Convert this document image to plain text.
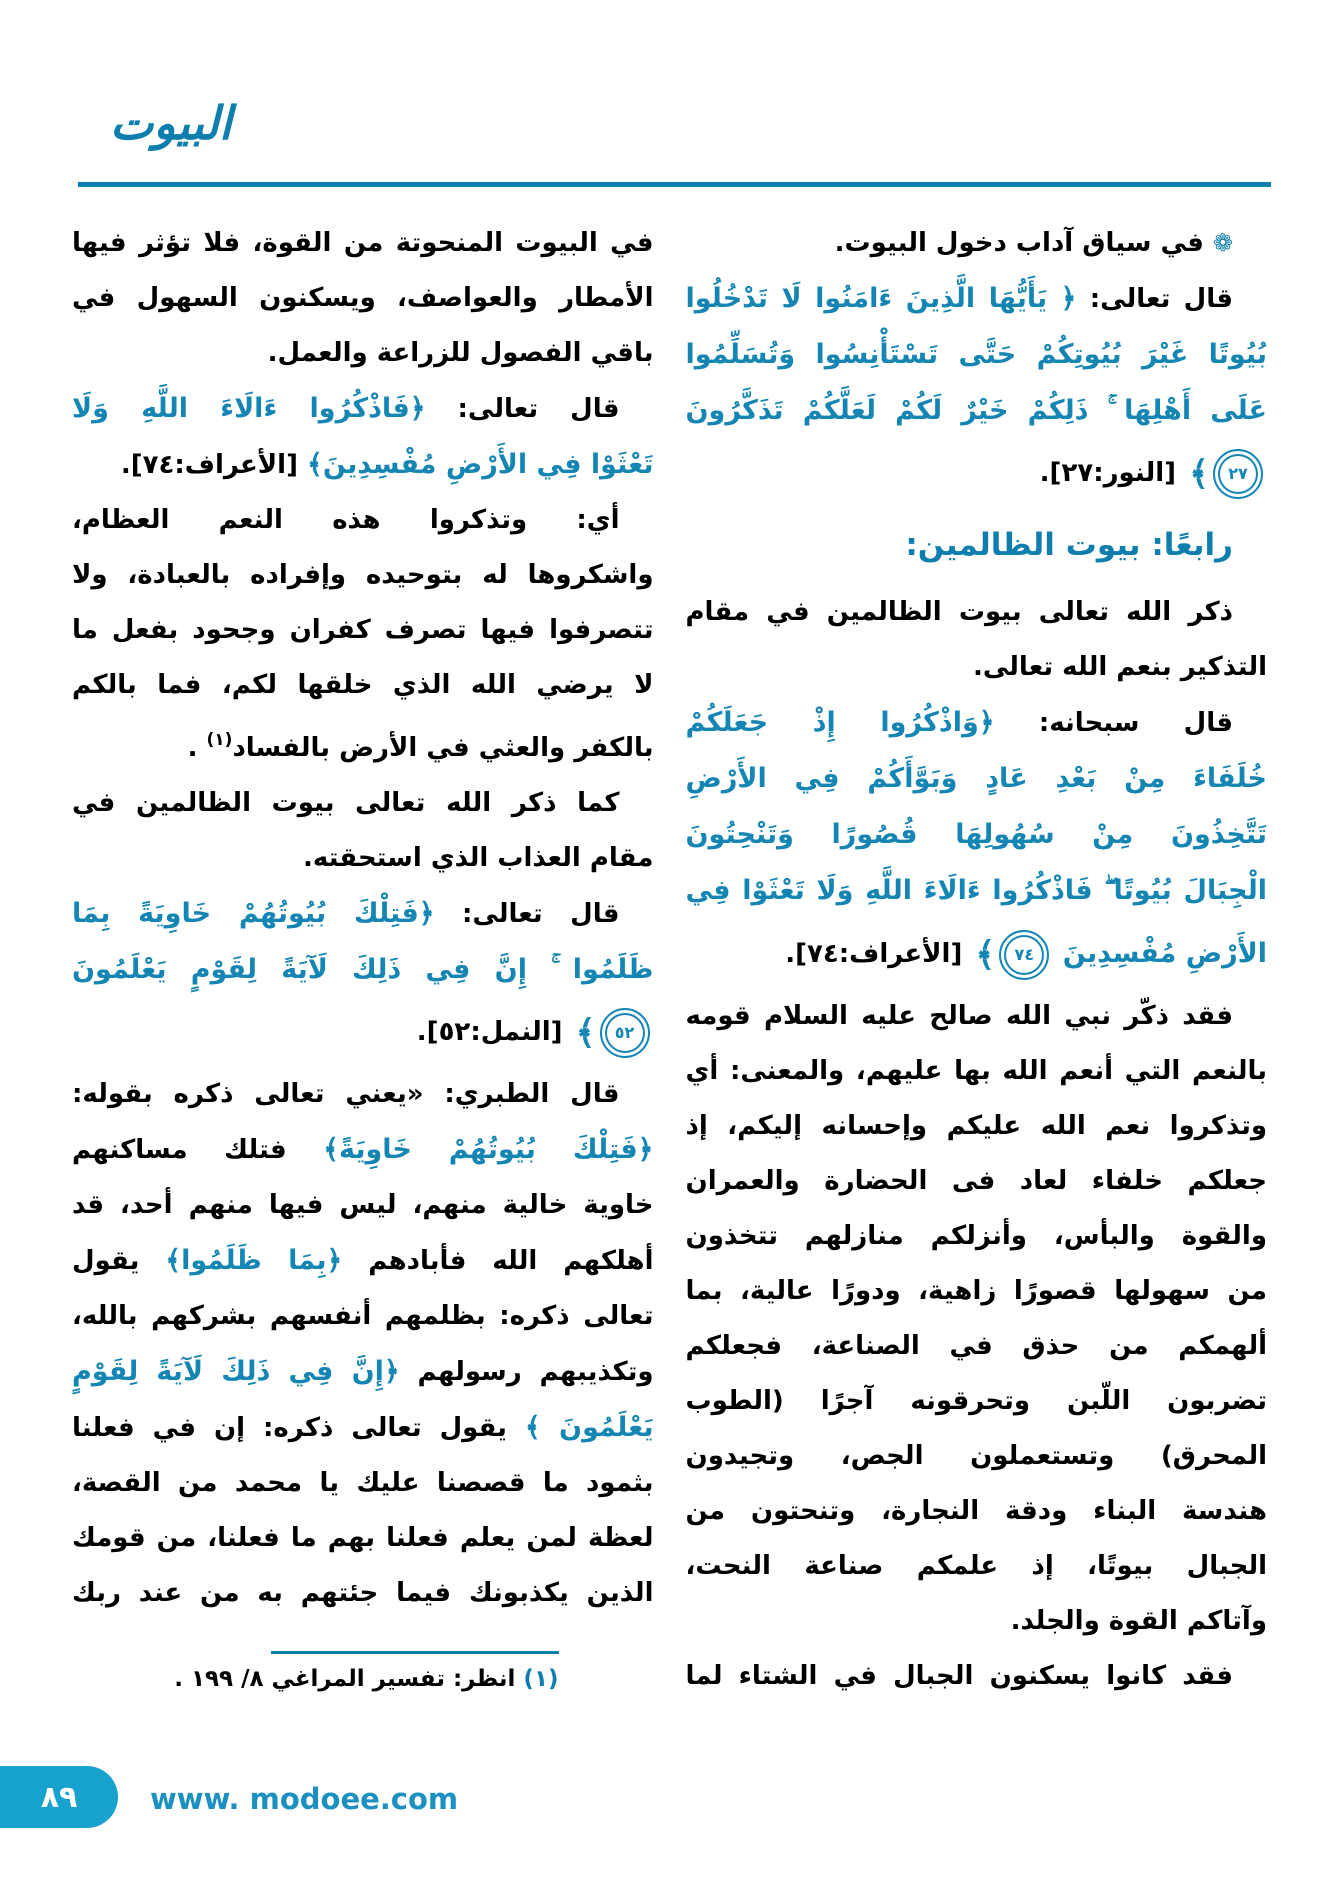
البيوت
❁ في سياق آداب دخول البيوت.
قال تعالى: ﴿ يَأَيُّهَا الَّذِينَ ءَامَنُوا لَا تَدْخُلُوا
بُيُوتًا غَيْرَ بُيُوتِكُمْ حَتَّى تَسْتَأْنِسُوا وَتُسَلِّمُوا
عَلَى أَهْلِهَا ۚ ذَلِكُمْ خَيْرٌ لَكُمْ لَعَلَّكُمْ تَذَكَّرُونَ
٢٧
﴾
[النور:٢٧].
رابعًا: بيوت الظالمين:
ذكر الله تعالى بيوت الظالمين في مقام
التذكير بنعم الله تعالى.
قال سبحانه: ﴿وَاذْكُرُوا إِذْ جَعَلَكُمْ
خُلَفَاءَ مِنْ بَعْدِ عَادٍ وَبَوَّأَكُمْ فِي الأَرْضِ
تَتَّخِذُونَ مِنْ سُهُولِهَا قُصُورًا وَتَنْحِتُونَ
الْجِبَالَ بُيُوتًا ۖ فَاذْكُرُوا ءَالَاءَ اللَّهِ وَلَا تَعْثَوْا فِي
الأَرْضِ مُفْسِدِينَ
٧٤
﴾
[الأعراف:٧٤].
فقد ذكّر نبي الله صالح عليه السلام قومه
بالنعم التي أنعم الله بها عليهم، والمعنى: أي
وتذكروا نعم الله عليكم وإحسانه إليكم، إذ
جعلكم خلفاء لعاد فى الحضارة والعمران
والقوة والبأس، وأنزلكم منازلهم تتخذون
من سهولها قصورًا زاهية، ودورًا عالية، بما
ألهمكم من حذق في الصناعة، فجعلكم
تضربون اللّبن وتحرقونه آجرًا (الطوب
المحرق) وتستعملون الجص، وتجيدون
هندسة البناء ودقة النجارة، وتنحتون من
الجبال بيوتًا، إذ علمكم صناعة النحت،
وآتاكم القوة والجلد.
فقد كانوا يسكنون الجبال في الشتاء لما
في البيوت المنحوتة من القوة، فلا تؤثر فيها
الأمطار والعواصف، ويسكنون السهول في
باقي الفصول للزراعة والعمل.
قال تعالى: ﴿فَاذْكُرُوا ءَالَاءَ اللَّهِ وَلَا
تَعْثَوْا فِي الأَرْضِ مُفْسِدِينَ﴾ [الأعراف:٧٤].
أي: وتذكروا هذه النعم العظام،
واشكروها له بتوحيده وإفراده بالعبادة، ولا
تتصرفوا فيها تصرف كفران وجحود بفعل ما
لا يرضي الله الذي خلقها لكم، فما بالكم
بالكفر والعثي في الأرض بالفساد$^{(١)}$ .
كما ذكر الله تعالى بيوت الظالمين في
مقام العذاب الذي استحقته.
قال تعالى: ﴿فَتِلْكَ بُيُوتُهُمْ خَاوِيَةً بِمَا
ظَلَمُوا ۚ إِنَّ فِي ذَلِكَ لَآيَةً لِقَوْمٍ يَعْلَمُونَ
٥٢
﴾
[النمل:٥٢].
قال الطبري: «يعني تعالى ذكره بقوله:
﴿فَتِلْكَ بُيُوتُهُمْ خَاوِيَةً﴾ فتلك مساكنهم
خاوية خالية منهم، ليس فيها منهم أحد، قد
أهلكهم الله فأبادهم ﴿بِمَا ظَلَمُوا﴾ يقول
تعالى ذكره: بظلمهم أنفسهم بشركهم بالله،
وتكذيبهم رسولهم ﴿إِنَّ فِي ذَلِكَ لَآيَةً لِقَوْمٍ
يَعْلَمُونَ ﴾ يقول تعالى ذكره: إن في فعلنا
بثمود ما قصصنا عليك يا محمد من القصة،
لعظة لمن يعلم فعلنا بهم ما فعلنا، من قومك
الذين يكذبونك فيما جئتهم به من عند ربك
(١) انظر: تفسير المراغي ٨/ ١٩٩ .
٨٩	www. modoee.com
